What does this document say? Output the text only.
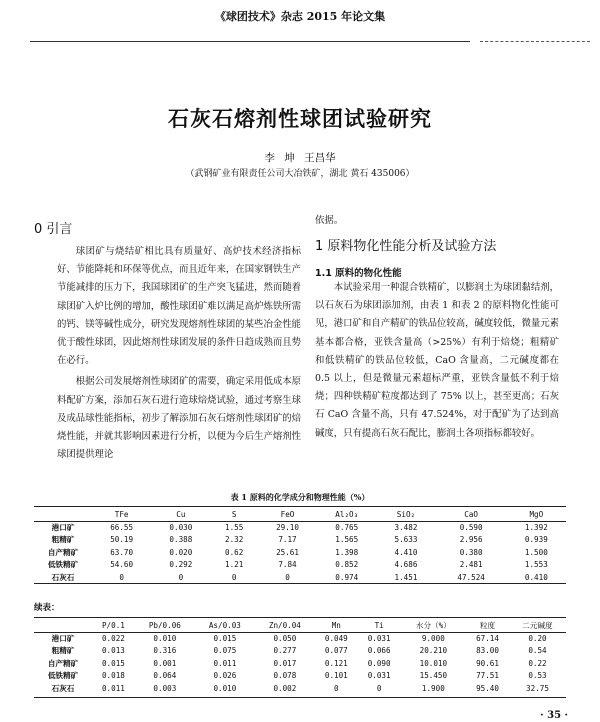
《球团技术》杂志 2015 年论文集
石灰石熔剂性球团试验研究
李 坤 王昌华
（武钢矿业有限责任公司大冶铁矿，湖北 黄石 435006）
0 引言

球团矿与烧结矿相比具有质量好、高炉技术经济指标好、节能降耗和环保等优点，而且近年来，在国家钢铁生产节能减排的压力下，我国球团矿的生产突飞猛进，然而随着球团矿入炉比例的增加，酸性球团矿难以满足高炉炼铁所需的钙、镁等碱性成分，研究发现熔剂性球团的某些冶金性能优于酸性球团，因此熔剂性球团发展的条件日趋成熟而且势在必行。

根据公司发展熔剂性球团矿的需要，确定采用低成本原料配矿方案，添加石灰石进行造球焙烧试验，通过考察生球及成品球性能指标，初步了解添加石灰石熔剂性球团矿的焙烧性能，并就其影响因素进行分析，以便为今后生产熔剂性球团提供理论

依据。
1 原料物化性能分析及试验方法
1.1 原料的物化性能

本试验采用一种混合铁精矿，以膨润土为球团黏结剂，以石灰石为球团添加剂，由表 1 和表 2 的原料物化性能可见，港口矿和自产精矿的铁品位较高，碱度较低，微量元素基本都合格，亚铁含量高（>25%）有利于焙烧；粗精矿和低铁精矿的铁品位较低，CaO 含量高，二元碱度都在 0.5 以上，但是微量元素超标严重，亚铁含量低不利于焙烧；四种铁精矿粒度都达到了 75% 以上，甚至更高；石灰石 CaO 含量不高，只有 47.524%，对于配矿为了达到高碱度，只有提高石灰石配比，膨润土各项指标都较好。

表 1 原料的化学成分和物理性能（%）
	TFe	Cu	S	FeO	Al₂O₃	SiO₂	CaO	MgO
港口矿	66.55	0.030	1.55	29.10	0.765	3.482	0.590	1.392
粗精矿	50.19	0.388	2.32	7.17	1.565	5.633	2.956	0.939
自产精矿	63.70	0.020	0.62	25.61	1.398	4.410	0.380	1.500
低铁精矿	54.60	0.292	1.21	7.84	0.852	4.686	2.481	1.553
石灰石	0	0	0	0	0.974	1.451	47.524	0.410
续表：
	P/0.1	Pb/0.06	As/0.03	Zn/0.04	Mn	Ti	水分（%）	粒度	二元碱度
港口矿	0.022	0.010	0.015	0.050	0.049	0.031	9.000	67.14	0.20
粗精矿	0.013	0.316	0.075	0.277	0.077	0.066	20.210	83.00	0.54
自产精矿	0.015	0.001	0.011	0.017	0.121	0.090	10.010	90.61	0.22
低铁精矿	0.018	0.064	0.026	0.078	0.101	0.031	15.450	77.51	0.53
石灰石	0.011	0.003	0.010	0.002	0	0	1.900	95.40	32.75
· 35 ·
